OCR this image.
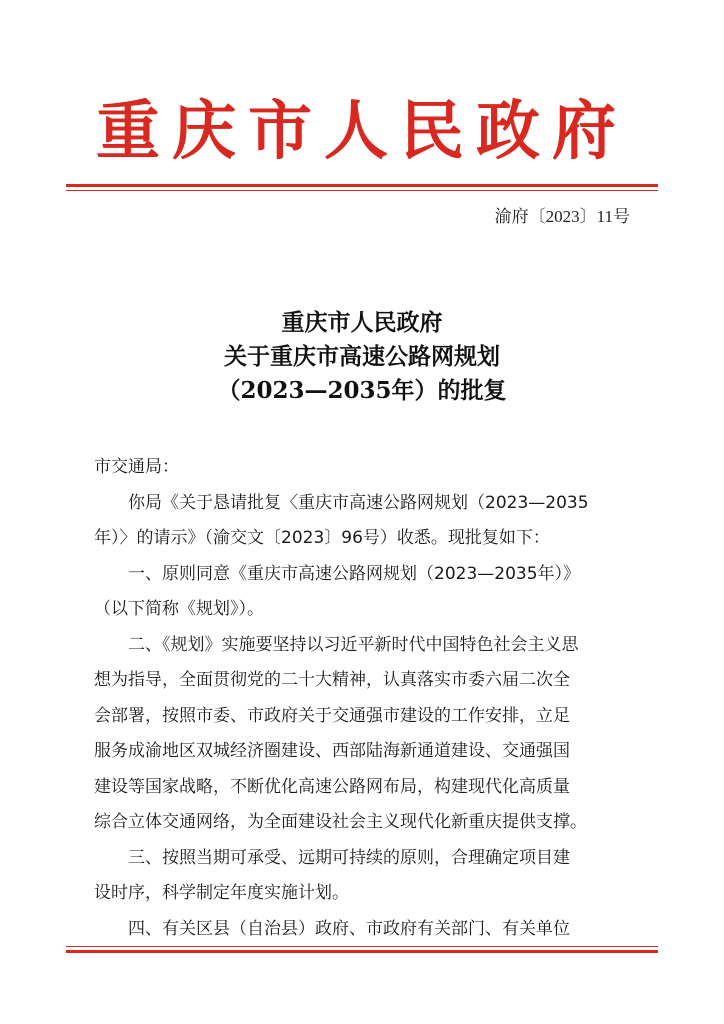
重庆市人民政府
渝府〔2023〕11号
重庆市人民政府
关于重庆市高速公路网规划
（2023—2035年）的批复
市交通局：
你局《关于恳请批复〈重庆市高速公路网规划（2023—2035
年）〉的请示》（渝交文〔2023〕96号）收悉。现批复如下：
一、原则同意《重庆市高速公路网规划（2023—2035年）》
（以下简称《规划》）。
二、《规划》实施要坚持以习近平新时代中国特色社会主义思
想为指导，全面贯彻党的二十大精神，认真落实市委六届二次全
会部署，按照市委、市政府关于交通强市建设的工作安排，立足
服务成渝地区双城经济圈建设、西部陆海新通道建设、交通强国
建设等国家战略，不断优化高速公路网布局，构建现代化高质量
综合立体交通网络，为全面建设社会主义现代化新重庆提供支撑。
三、按照当期可承受、远期可持续的原则，合理确定项目建
设时序，科学制定年度实施计划。
四、有关区县（自治县）政府、市政府有关部门、有关单位
